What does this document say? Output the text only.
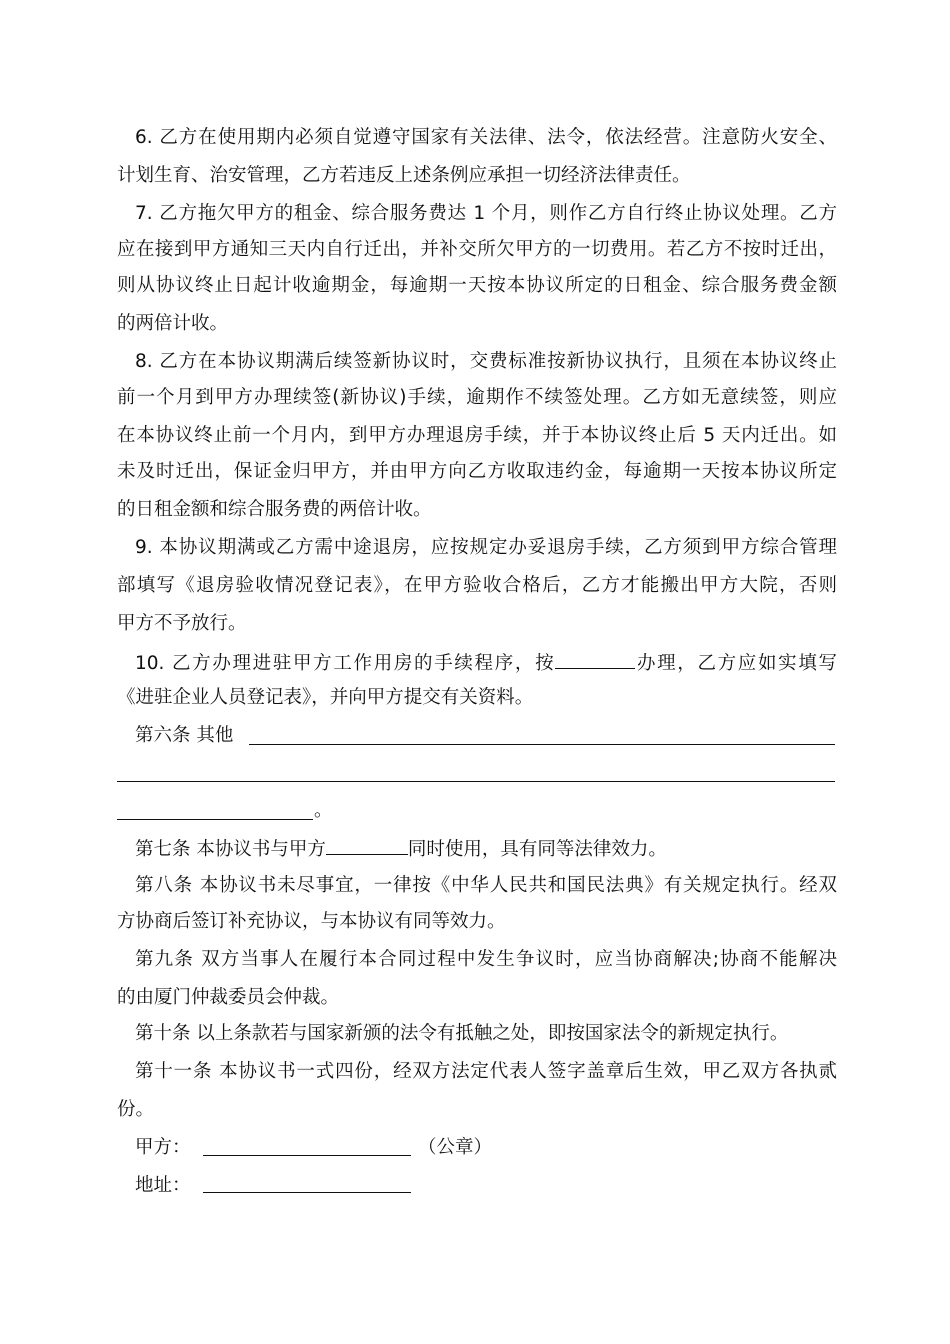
6. 乙方在使用期内必须自觉遵守国家有关法律、法令，依法经营。注意防火安全、
计划生育、治安管理，乙方若违反上述条例应承担一切经济法律责任。
7. 乙方拖欠甲方的租金、综合服务费达 1 个月，则作乙方自行终止协议处理。乙方
应在接到甲方通知三天内自行迁出，并补交所欠甲方的一切费用。若乙方不按时迁出，
则从协议终止日起计收逾期金，每逾期一天按本协议所定的日租金、综合服务费金额
的两倍计收。
8. 乙方在本协议期满后续签新协议时，交费标准按新协议执行，且须在本协议终止
前一个月到甲方办理续签(新协议)手续，逾期作不续签处理。乙方如无意续签，则应
在本协议终止前一个月内，到甲方办理退房手续，并于本协议终止后 5 天内迁出。如
未及时迁出，保证金归甲方，并由甲方向乙方收取违约金，每逾期一天按本协议所定
的日租金额和综合服务费的两倍计收。
9. 本协议期满或乙方需中途退房，应按规定办妥退房手续，乙方须到甲方综合管理
部填写《退房验收情况登记表》，在甲方验收合格后，乙方才能搬出甲方大院，否则
甲方不予放行。
10. 乙方办理进驻甲方工作用房的手续程序，按	办理，乙方应如实填写
《进驻企业人员登记表》，并向甲方提交有关资料。
第六条 其他
。
第七条 本协议书与甲方	同时使用，具有同等法律效力。
第八条 本协议书未尽事宜，一律按《中华人民共和国民法典》有关规定执行。经双
方协商后签订补充协议，与本协议有同等效力。
第九条 双方当事人在履行本合同过程中发生争议时，应当协商解决;协商不能解决
的由厦门仲裁委员会仲裁。
第十条 以上条款若与国家新颁的法令有抵触之处，即按国家法令的新规定执行。
第十一条 本协议书一式四份，经双方法定代表人签字盖章后生效，甲乙双方各执贰
份。
甲方：	（公章）
地址：
